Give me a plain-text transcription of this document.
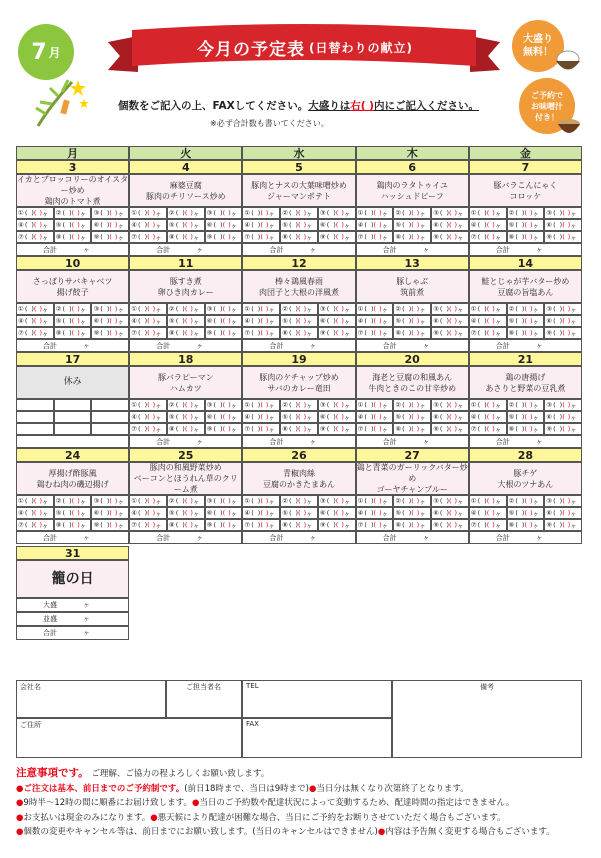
7 月	今月の予定表 (日替わりの献立)
大盛り
無料！
ご予約で
お味噌汁
付き！
個数をご記入の上、FAXしてください。大盛りは右( )内にご記入ください。
※必ず合計数も書いてください。
月	火	水	木	金
3
イカとブロッコリーのオイスター炒め
鶏肉のトマト煮
① ( ) ( ) ヶ ② ( ) ( ) ヶ ③ ( ) ( ) ヶ
④ ( ) ( ) ヶ ⑤ ( ) ( ) ヶ ⑥ ( ) ( ) ヶ
⑦ ( ) ( ) ヶ ⑧ ( ) ( ) ヶ ⑨ ( ) ( ) ヶ
合計	ヶ
4
麻婆豆腐
豚肉のチリソース炒め
① ( ) ( ) ヶ ② ( ) ( ) ヶ ③ ( ) ( ) ヶ
④ ( ) ( ) ヶ ⑤ ( ) ( ) ヶ ⑥ ( ) ( ) ヶ
⑦ ( ) ( ) ヶ ⑧ ( ) ( ) ヶ ⑨ ( ) ( ) ヶ
合計	ヶ
5
豚肉とナスの大葉味噌炒め
ジャーマンポテト
① ( ) ( ) ヶ ② ( ) ( ) ヶ ③ ( ) ( ) ヶ
④ ( ) ( ) ヶ ⑤ ( ) ( ) ヶ ⑥ ( ) ( ) ヶ
⑦ ( ) ( ) ヶ ⑧ ( ) ( ) ヶ ⑨ ( ) ( ) ヶ
合計	ヶ
6
鶏肉のラタトゥイユ
ハッシュドビーフ
① ( ) ( ) ヶ ② ( ) ( ) ヶ ③ ( ) ( ) ヶ
④ ( ) ( ) ヶ ⑤ ( ) ( ) ヶ ⑥ ( ) ( ) ヶ
⑦ ( ) ( ) ヶ ⑧ ( ) ( ) ヶ ⑨ ( ) ( ) ヶ
合計	ヶ
7
豚バラこんにゃく
コロッケ
① ( ) ( ) ヶ ② ( ) ( ) ヶ ③ ( ) ( ) ヶ
④ ( ) ( ) ヶ ⑤ ( ) ( ) ヶ ⑥ ( ) ( ) ヶ
⑦ ( ) ( ) ヶ ⑧ ( ) ( ) ヶ ⑨ ( ) ( ) ヶ
合計	ヶ
10
さっぱりサバキャベツ
揚げ餃子
① ( ) ( ) ヶ ② ( ) ( ) ヶ ③ ( ) ( ) ヶ
④ ( ) ( ) ヶ ⑤ ( ) ( ) ヶ ⑥ ( ) ( ) ヶ
⑦ ( ) ( ) ヶ ⑧ ( ) ( ) ヶ ⑨ ( ) ( ) ヶ
合計	ヶ
11
豚すき煮
卵ひき肉カレー
① ( ) ( ) ヶ ② ( ) ( ) ヶ ③ ( ) ( ) ヶ
④ ( ) ( ) ヶ ⑤ ( ) ( ) ヶ ⑥ ( ) ( ) ヶ
⑦ ( ) ( ) ヶ ⑧ ( ) ( ) ヶ ⑨ ( ) ( ) ヶ
合計	ヶ
12
棒々鶏風春雨
肉団子と大根の洋風煮
① ( ) ( ) ヶ ② ( ) ( ) ヶ ③ ( ) ( ) ヶ
④ ( ) ( ) ヶ ⑤ ( ) ( ) ヶ ⑥ ( ) ( ) ヶ
⑦ ( ) ( ) ヶ ⑧ ( ) ( ) ヶ ⑨ ( ) ( ) ヶ
合計	ヶ
13
豚しゃぶ
筑前煮
① ( ) ( ) ヶ ② ( ) ( ) ヶ ③ ( ) ( ) ヶ
④ ( ) ( ) ヶ ⑤ ( ) ( ) ヶ ⑥ ( ) ( ) ヶ
⑦ ( ) ( ) ヶ ⑧ ( ) ( ) ヶ ⑨ ( ) ( ) ヶ
合計	ヶ
14
鮭とじゃが芋バター炒め
豆腐の旨塩あん
① ( ) ( ) ヶ ② ( ) ( ) ヶ ③ ( ) ( ) ヶ
④ ( ) ( ) ヶ ⑤ ( ) ( ) ヶ ⑥ ( ) ( ) ヶ
⑦ ( ) ( ) ヶ ⑧ ( ) ( ) ヶ ⑨ ( ) ( ) ヶ
合計	ヶ
17
休み
18
豚バラピーマン
ハムカツ
① ( ) ( ) ヶ ② ( ) ( ) ヶ ③ ( ) ( ) ヶ
④ ( ) ( ) ヶ ⑤ ( ) ( ) ヶ ⑥ ( ) ( ) ヶ
⑦ ( ) ( ) ヶ ⑧ ( ) ( ) ヶ ⑨ ( ) ( ) ヶ
合計	ヶ
19
豚肉のケチャップ炒め
サバのカレー竜田
① ( ) ( ) ヶ ② ( ) ( ) ヶ ③ ( ) ( ) ヶ
④ ( ) ( ) ヶ ⑤ ( ) ( ) ヶ ⑥ ( ) ( ) ヶ
⑦ ( ) ( ) ヶ ⑧ ( ) ( ) ヶ ⑨ ( ) ( ) ヶ
合計	ヶ
20
海老と豆腐の和風あん
牛肉ときのこの甘辛炒め
① ( ) ( ) ヶ ② ( ) ( ) ヶ ③ ( ) ( ) ヶ
④ ( ) ( ) ヶ ⑤ ( ) ( ) ヶ ⑥ ( ) ( ) ヶ
⑦ ( ) ( ) ヶ ⑧ ( ) ( ) ヶ ⑨ ( ) ( ) ヶ
合計	ヶ
21
鶏の唐揚げ
あさりと野菜の豆乳煮
① ( ) ( ) ヶ ② ( ) ( ) ヶ ③ ( ) ( ) ヶ
④ ( ) ( ) ヶ ⑤ ( ) ( ) ヶ ⑥ ( ) ( ) ヶ
⑦ ( ) ( ) ヶ ⑧ ( ) ( ) ヶ ⑨ ( ) ( ) ヶ
合計	ヶ
24
厚揚げ酢豚風
鶏むね肉の磯辺揚げ
① ( ) ( ) ヶ ② ( ) ( ) ヶ ③ ( ) ( ) ヶ
④ ( ) ( ) ヶ ⑤ ( ) ( ) ヶ ⑥ ( ) ( ) ヶ
⑦ ( ) ( ) ヶ ⑧ ( ) ( ) ヶ ⑨ ( ) ( ) ヶ
合計	ヶ
25
豚肉の和風野菜炒め
ベーコンとほうれん草のクリーム煮
① ( ) ( ) ヶ ② ( ) ( ) ヶ ③ ( ) ( ) ヶ
④ ( ) ( ) ヶ ⑤ ( ) ( ) ヶ ⑥ ( ) ( ) ヶ
⑦ ( ) ( ) ヶ ⑧ ( ) ( ) ヶ ⑨ ( ) ( ) ヶ
合計	ヶ
26
青椒肉絲
豆腐のかきたまあん
① ( ) ( ) ヶ ② ( ) ( ) ヶ ③ ( ) ( ) ヶ
④ ( ) ( ) ヶ ⑤ ( ) ( ) ヶ ⑥ ( ) ( ) ヶ
⑦ ( ) ( ) ヶ ⑧ ( ) ( ) ヶ ⑨ ( ) ( ) ヶ
合計	ヶ
27
鶏と青菜のガーリックバター炒め
ゴーヤチャンプルー
① ( ) ( ) ヶ ② ( ) ( ) ヶ ③ ( ) ( ) ヶ
④ ( ) ( ) ヶ ⑤ ( ) ( ) ヶ ⑥ ( ) ( ) ヶ
⑦ ( ) ( ) ヶ ⑧ ( ) ( ) ヶ ⑨ ( ) ( ) ヶ
合計	ヶ
28
豚チゲ
大根のツナあん
① ( ) ( ) ヶ ② ( ) ( ) ヶ ③ ( ) ( ) ヶ
④ ( ) ( ) ヶ ⑤ ( ) ( ) ヶ ⑥ ( ) ( ) ヶ
⑦ ( ) ( ) ヶ ⑧ ( ) ( ) ヶ ⑨ ( ) ( ) ヶ
合計	ヶ
31
籠の日
大盛	ヶ
並盛	ヶ
合計	ヶ
会社名	ご担当者名	TEL	備考
ご住所	FAX
注意事項です。 ご理解、ご協力の程よろしくお願い致します。
●ご注文は基本、前日までのご予約制です。(前日18時まで、当日は9時まで)●当日分は無くなり次第終了となります。
●9時半～12時の間に順番にお届け致します。●当日のご予約数や配達状況によって変動するため、配達時間の指定はできません。
●お支払いは現金のみになります。●悪天候により配達が困難な場合、当日にご予約をお断りさせていただく場合もございます。
●個数の変更やキャンセル等は、前日までにお願い致します。(当日のキャンセルはできません)●内容は予告無く変更する場合もございます。
